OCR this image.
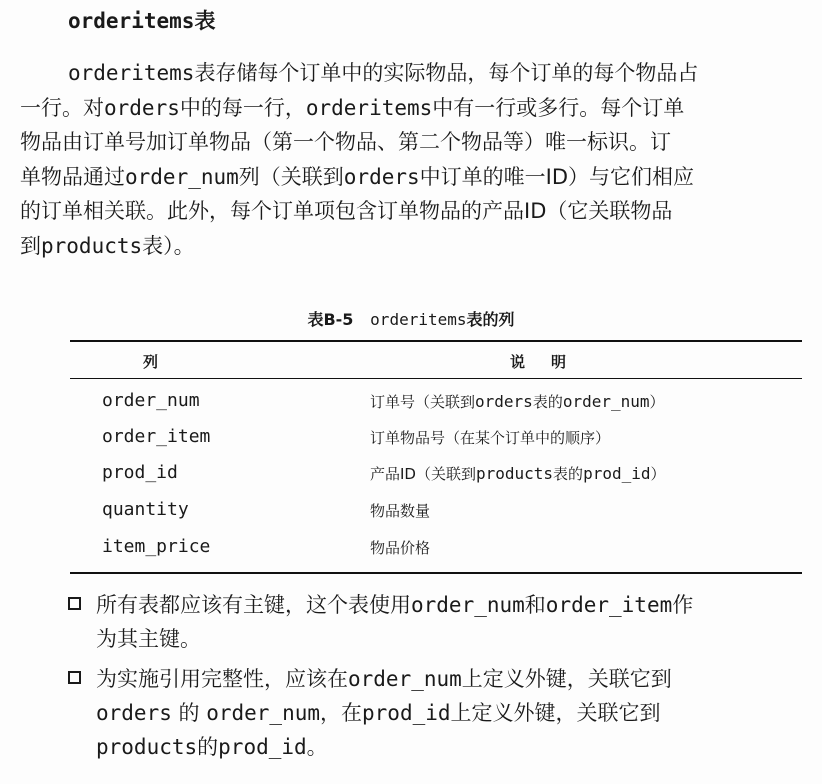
orderitems表
orderitems表存储每个订单中的实际物品，每个订单的每个物品占
一行。对orders中的每一行，orderitems中有一行或多行。每个订单
物品由订单号加订单物品（第一个物品、第二个物品等）唯一标识。订
单物品通过order_num列（关联到orders中订单的唯一ID）与它们相应
的订单相关联。此外，每个订单项包含订单物品的产品ID（它关联物品
到products表）。
表B-5 orderitems表的列
列	说明
order_num	订单号（关联到orders表的order_num）
order_item	订单物品号（在某个订单中的顺序）
prod_id	产品ID（关联到products表的prod_id）
quantity	物品数量
item_price	物品价格
所有表都应该有主键，这个表使用order_num和order_item作
为其主键。
为实施引用完整性，应该在order_num上定义外键，关联它到
orders 的 order_num，在prod_id上定义外键，关联它到
products的prod_id。
